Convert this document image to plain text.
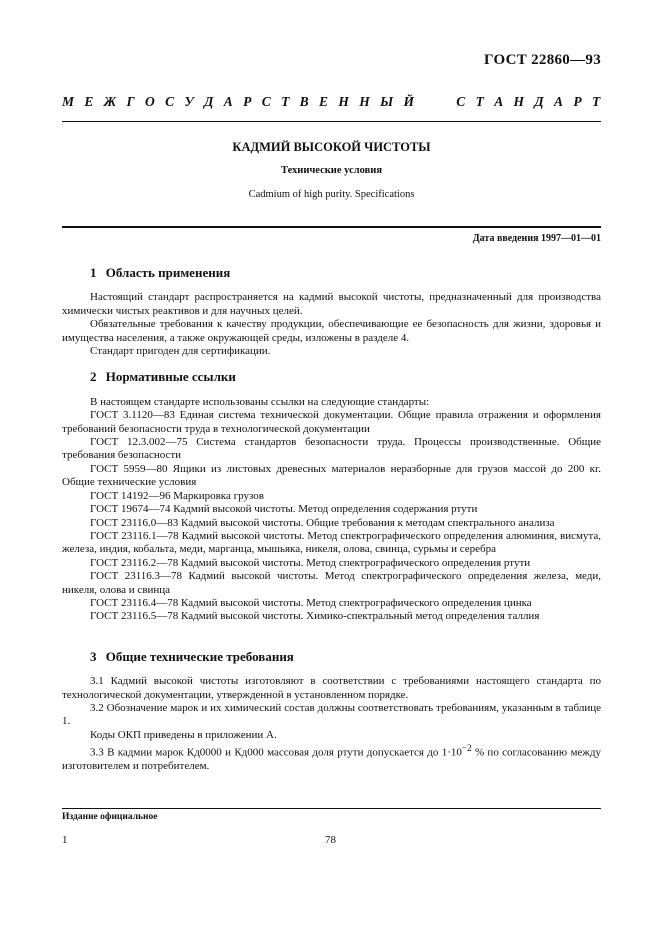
ГОСТ 22860—93
М Е Ж Г О С У Д А Р С Т В Е Н Н Ы Й	С Т А Н Д А Р Т
КАДМИЙ ВЫСОКОЙ ЧИСТОТЫ
Технические условия
Cadmium of high purity. Specifications
Дата введения 1997—01—01
1 Область применения

Настоящий стандарт распространяется на кадмий высокой чистоты, предназначенный для производства химически чистых реактивов и для научных целей.

Обязательные требования к качеству продукции, обеспечивающие ее безопасность для жизни, здоровья и имущества населения, а также окружающей среды, изложены в разделе 4.

Стандарт пригоден для сертификации.

2 Нормативные ссылки

В настоящем стандарте использованы ссылки на следующие стандарты:

ГОСТ 3.1120—83 Единая система технической документации. Общие правила отражения и оформления требований безопасности труда в технологической документации

ГОСТ 12.3.002—75 Система стандартов безопасности труда. Процессы производственные. Общие требования безопасности

ГОСТ 5959—80 Ящики из листовых древесных материалов неразборные для грузов массой до 200 кг. Общие технические условия

ГОСТ 14192—96 Маркировка грузов

ГОСТ 19674—74 Кадмий высокой чистоты. Метод определения содержания ртути

ГОСТ 23116.0—83 Кадмий высокой чистоты. Общие требования к методам спектрального анализа

ГОСТ 23116.1—78 Кадмий высокой чистоты. Метод спектрографического определения алюминия, висмута, железа, индия, кобальта, меди, марганца, мышьяка, никеля, олова, свинца, сурьмы и серебра

ГОСТ 23116.2—78 Кадмий высокой чистоты. Метод спектрографического определения ртути

ГОСТ 23116.3—78 Кадмий высокой чистоты. Метод спектрографического определения железа, меди, никеля, олова и свинца

ГОСТ 23116.4—78 Кадмий высокой чистоты. Метод спектрографического определения цинка

ГОСТ 23116.5—78 Кадмий высокой чистоты. Химико-спектральный метод определения таллия

3 Общие технические требования

3.1 Кадмий высокой чистоты изготовляют в соответствии с требованиями настоящего стандарта по технологической документации, утвержденной в установленном порядке.

3.2 Обозначение марок и их химический состав должны соответствовать требованиям, указанным в таблице 1.

Коды ОКП приведены в приложении А.

3.3 В кадмии марок Кд0000 и Кд000 массовая доля ртути допускается до $1\cdot 10^{-2}$ % по согласованию между изготовителем и потребителем.

Издание официальное
1	78
